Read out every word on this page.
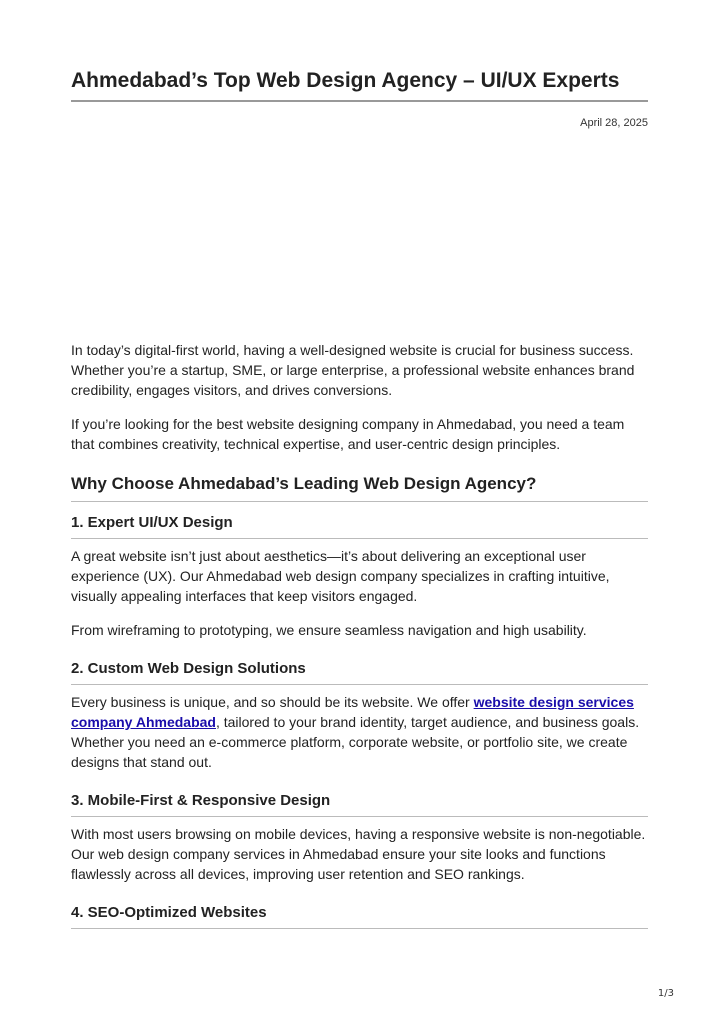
Ahmedabad’s Top Web Design Agency – UI/UX Experts
April 28, 2025

In today’s digital-first world, having a well-designed website is crucial for business success. Whether you’re a startup, SME, or large enterprise, a professional website enhances brand credibility, engages visitors, and drives conversions.

If you’re looking for the best website designing company in Ahmedabad, you need a team that combines creativity, technical expertise, and user-centric design principles.

Why Choose Ahmedabad’s Leading Web Design Agency?
1. Expert UI/UX Design

A great website isn’t just about aesthetics—it’s about delivering an exceptional user experience (UX). Our Ahmedabad web design company specializes in crafting intuitive, visually appealing interfaces that keep visitors engaged.

From wireframing to prototyping, we ensure seamless navigation and high usability.

2. Custom Web Design Solutions

Every business is unique, and so should be its website. We offer website design services company Ahmedabad, tailored to your brand identity, target audience, and business goals. Whether you need an e-commerce platform, corporate website, or portfolio site, we create designs that stand out.

3. Mobile-First & Responsive Design

With most users browsing on mobile devices, having a responsive website is non-negotiable. Our web design company services in Ahmedabad ensure your site looks and functions flawlessly across all devices, improving user retention and SEO rankings.

4. SEO-Optimized Websites
1/3
